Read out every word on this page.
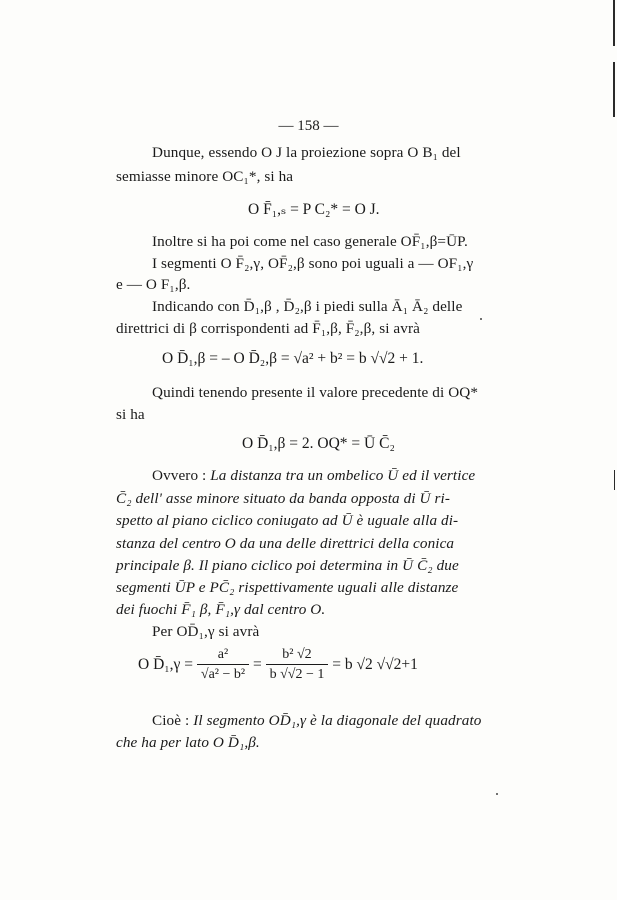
— 158 —
Dunque, essendo O J la proiezione sopra O B₁ del
semiasse minore OC₁*, si ha
O F̄₁,ₛ = P C₂* = O J.
Inoltre si ha poi come nel caso generale OF̄₁,β=ŪP.
I segmenti O F̄₂,γ, OF̄₂,β sono poi uguali a — OF₁,γ
e — O F₁,β.
Indicando con D̄₁,β , D̄₂,β i piedi sulla Ā₁ Ā₂ delle
direttrici di β corrispondenti ad F̄₁,β, F̄₂,β, si avrà
O D̄₁,β = – O D̄₂,β = √a² + b² = b √√2 + 1.
Quindi tenendo presente il valore precedente di OQ*
si ha
O D̄₁,β = 2. OQ* = Ū C̄₂
Ovvero : La distanza tra un ombelico Ū ed il vertice
C̄₂ dell' asse minore situato da banda opposta di Ū ri-
spetto al piano ciclico coniugato ad Ū è uguale alla di-
stanza del centro O da una delle direttrici della conica
principale β. Il piano ciclico poi determina in Ū C̄₂ due
segmenti ŪP e PC̄₂ rispettivamente uguali alle distanze
dei fuochi F̄₁ β, F̄₁,γ dal centro O.
Per OD̄₁,γ si avrà
O D̄₁,γ = $\frac{\text{a²}}{\text{√a² − b²}} = \frac{\text{b² √2}}{b √√2 - 1} = b$ √2 √√2+1
Cioè : Il segmento OD̄₁,γ è la diagonale del quadrato
che ha per lato O D̄₁,β.
